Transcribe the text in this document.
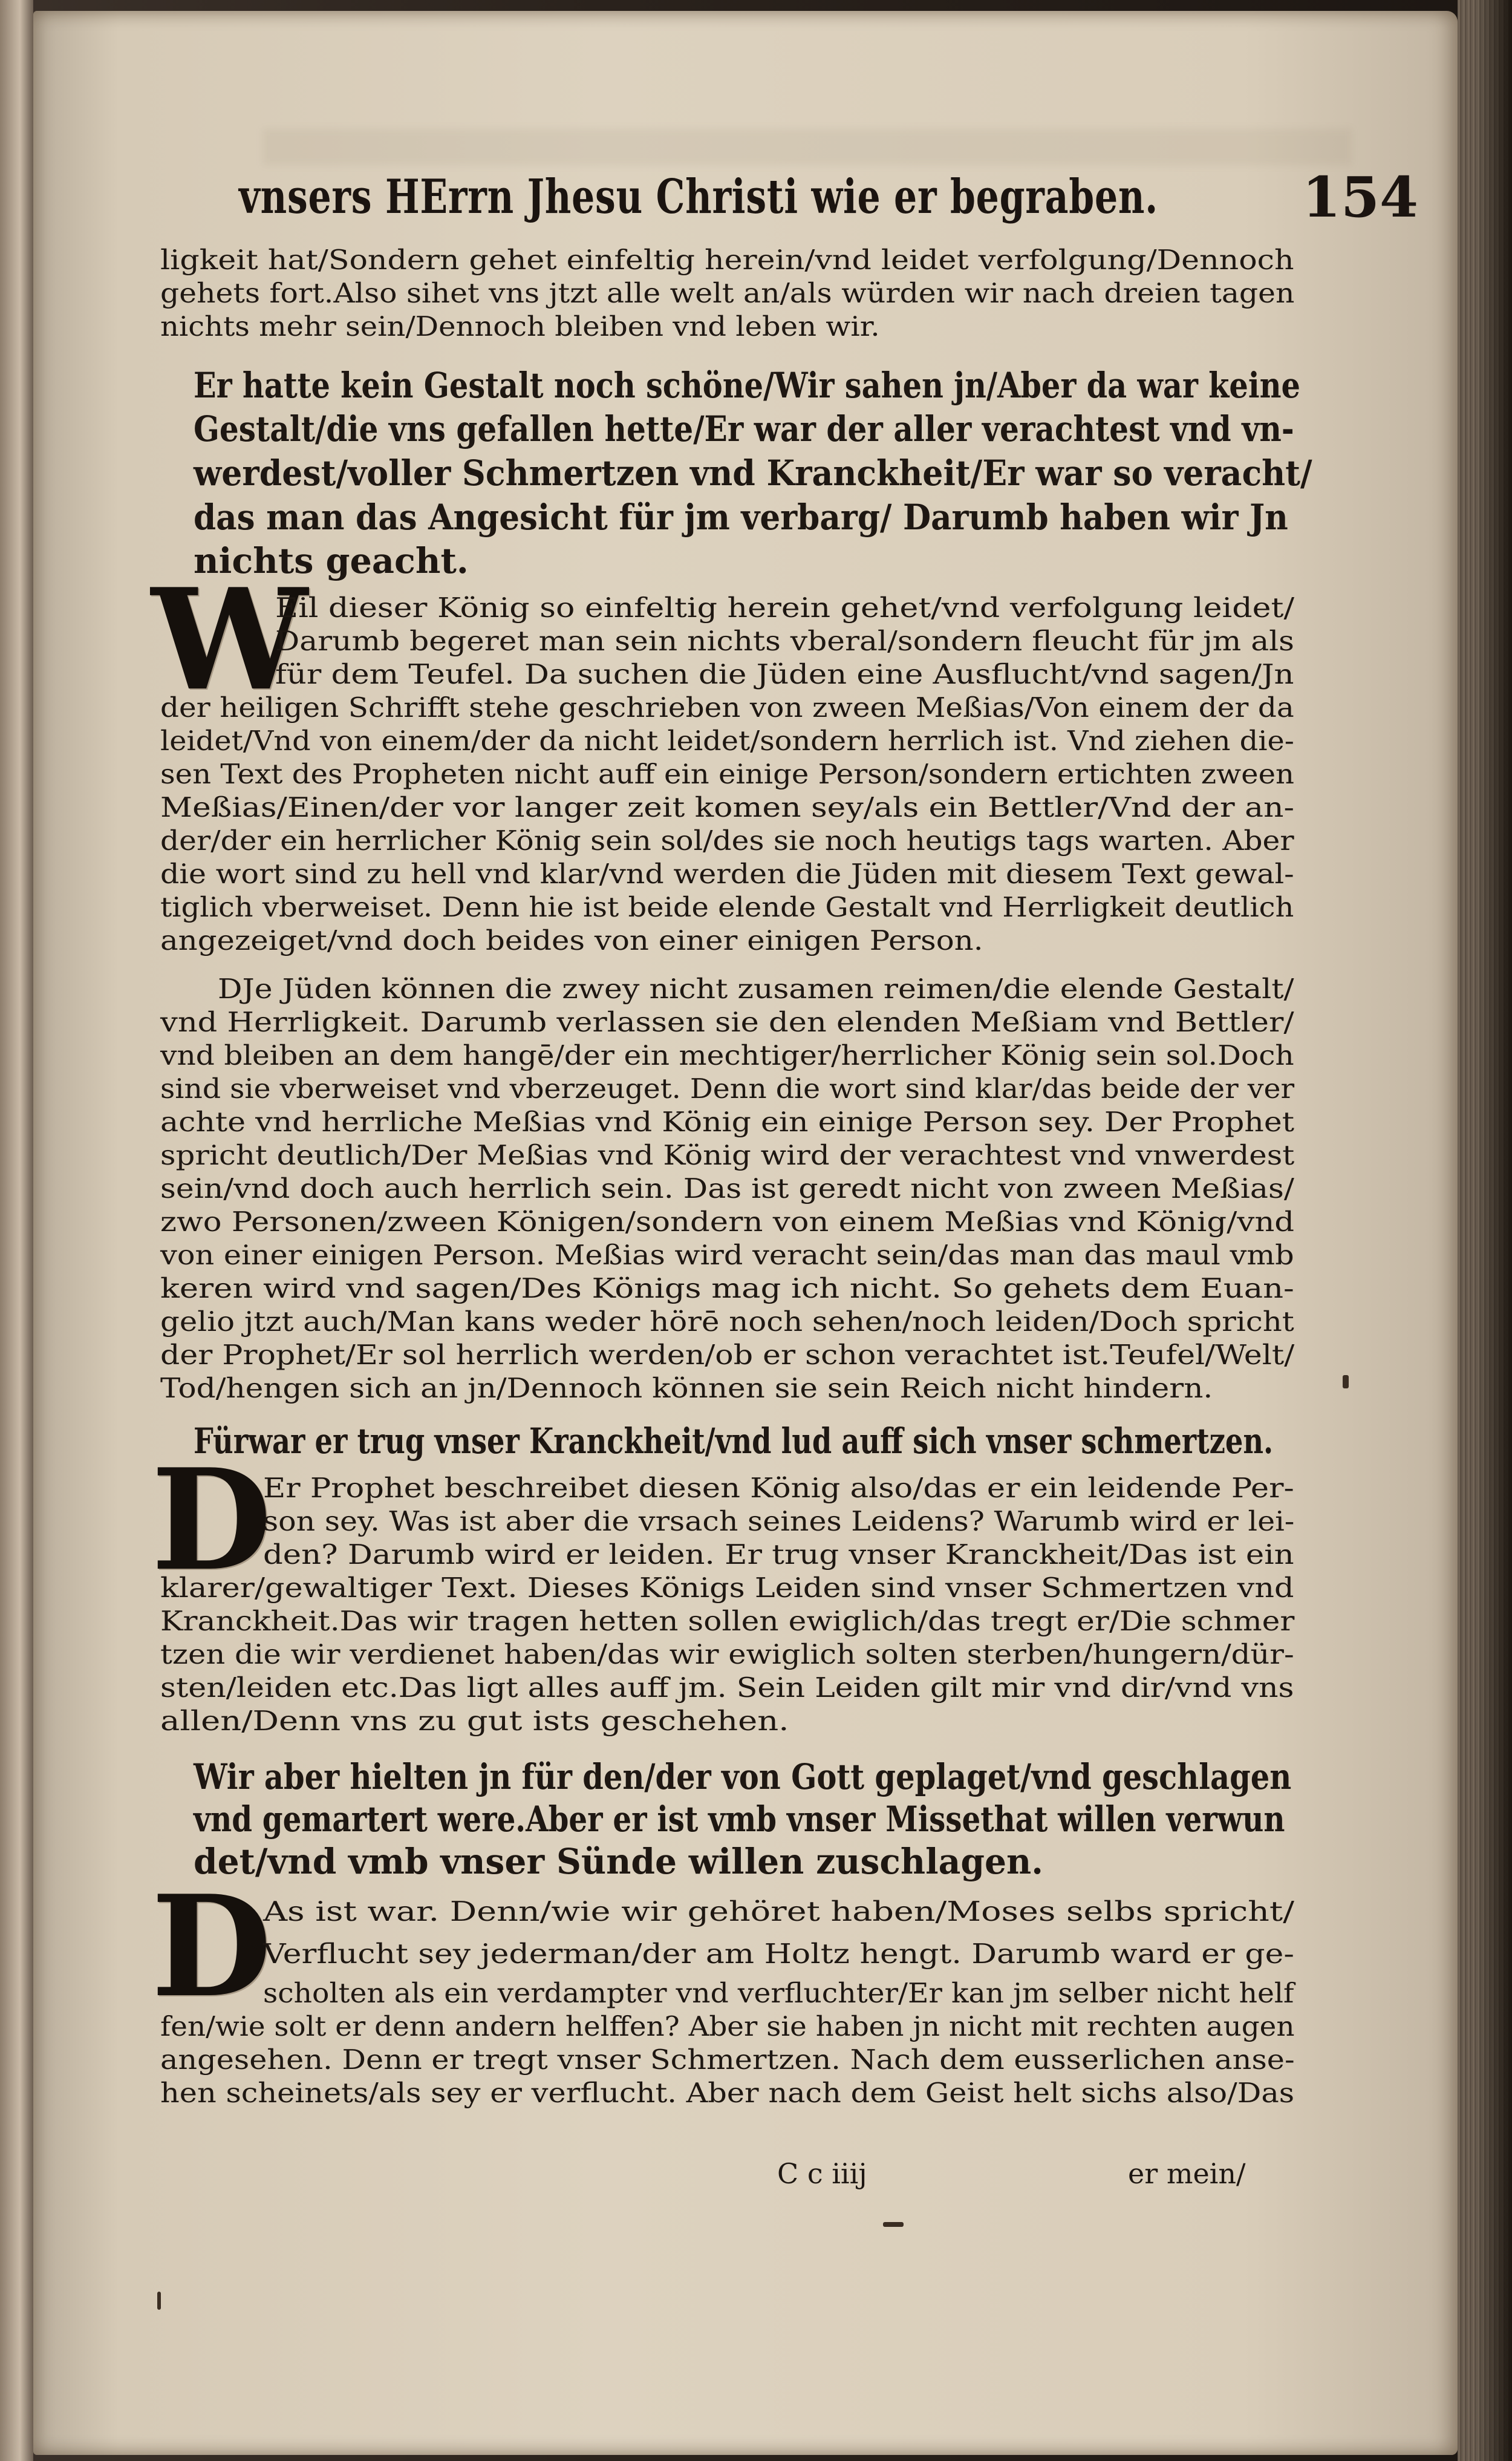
vnsers HErrn Jhesu Christi wie er begraben.	154
ligkeit hat/Sondern gehet einfeltig herein/vnd leidet verfolgung/Dennoch
gehets fort.Also sihet vns jtzt alle welt an/als würden wir nach dreien tagen
nichts mehr sein/Dennoch bleiben vnd leben wir.
Er hatte kein Gestalt noch schöne/Wir sahen jn/Aber da war keine
Gestalt/die vns gefallen hette/Er war der aller verachtest vnd vn-
werdest/voller Schmertzen vnd Kranckheit/Er war so veracht/
das man das Angesicht für jm verbarg/ Darumb haben wir Jn
nichts geacht.
W
Eil dieser König so einfeltig herein gehet/vnd verfolgung leidet/
Darumb begeret man sein nichts vberal/sondern fleucht für jm als
für dem Teufel. Da suchen die Jüden eine Ausflucht/vnd sagen/Jn
der heiligen Schrifft stehe geschrieben von zween Meßias/Von einem der da
leidet/Vnd von einem/der da nicht leidet/sondern herrlich ist. Vnd ziehen die-
sen Text des Propheten nicht auff ein einige Person/sondern ertichten zween
Meßias/Einen/der vor langer zeit komen sey/als ein Bettler/Vnd der an-
der/der ein herrlicher König sein sol/des sie noch heutigs tags warten. Aber
die wort sind zu hell vnd klar/vnd werden die Jüden mit diesem Text gewal-
tiglich vberweiset. Denn hie ist beide elende Gestalt vnd Herrligkeit deutlich
angezeiget/vnd doch beides von einer einigen Person.
DJe Jüden können die zwey nicht zusamen reimen/die elende Gestalt/
vnd Herrligkeit. Darumb verlassen sie den elenden Meßiam vnd Bettler/
vnd bleiben an dem hangē/der ein mechtiger/herrlicher König sein sol.Doch
sind sie vberweiset vnd vberzeuget. Denn die wort sind klar/das beide der ver
achte vnd herrliche Meßias vnd König ein einige Person sey. Der Prophet
spricht deutlich/Der Meßias vnd König wird der verachtest vnd vnwerdest
sein/vnd doch auch herrlich sein. Das ist geredt nicht von zween Meßias/
zwo Personen/zween Königen/sondern von einem Meßias vnd König/vnd
von einer einigen Person. Meßias wird veracht sein/das man das maul vmb
keren wird vnd sagen/Des Königs mag ich nicht. So gehets dem Euan-
gelio jtzt auch/Man kans weder hörē noch sehen/noch leiden/Doch spricht
der Prophet/Er sol herrlich werden/ob er schon verachtet ist.Teufel/Welt/
Tod/hengen sich an jn/Dennoch können sie sein Reich nicht hindern.
Fürwar er trug vnser Kranckheit/vnd lud auff sich vnser schmertzen.
D
Er Prophet beschreibet diesen König also/das er ein leidende Per-
son sey. Was ist aber die vrsach seines Leidens? Warumb wird er lei-
den? Darumb wird er leiden. Er trug vnser Kranckheit/Das ist ein
klarer/gewaltiger Text. Dieses Königs Leiden sind vnser Schmertzen vnd
Kranckheit.Das wir tragen hetten sollen ewiglich/das tregt er/Die schmer
tzen die wir verdienet haben/das wir ewiglich solten sterben/hungern/dür-
sten/leiden etc.Das ligt alles auff jm. Sein Leiden gilt mir vnd dir/vnd vns
allen/Denn vns zu gut ists geschehen.
Wir aber hielten jn für den/der von Gott geplaget/vnd geschlagen
vnd gemartert were.Aber er ist vmb vnser Missethat willen verwun
det/vnd vmb vnser Sünde willen zuschlagen.
D
As ist war. Denn/wie wir gehöret haben/Moses selbs spricht/
Verflucht sey jederman/der am Holtz hengt. Darumb ward er ge-
scholten als ein verdampter vnd verfluchter/Er kan jm selber nicht helf
fen/wie solt er denn andern helffen? Aber sie haben jn nicht mit rechten augen
angesehen. Denn er tregt vnser Schmertzen. Nach dem eusserlichen anse-
hen scheinets/als sey er verflucht. Aber nach dem Geist helt sichs also/Das
C c iiij	er mein/
